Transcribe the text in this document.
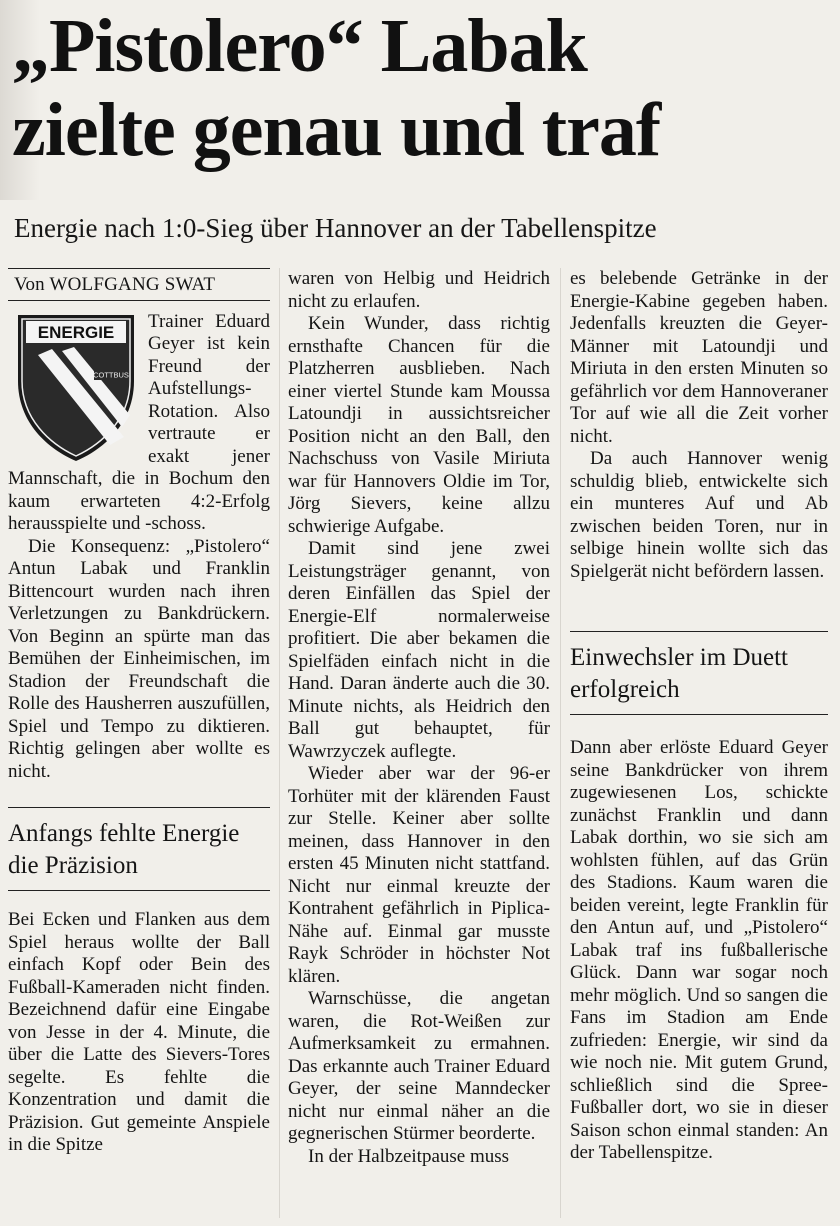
„Pistolero“ Labak
zielte genau und traf
Energie nach 1:0-Sieg über Hannover an der Tabellenspitze
Von WOLFGANG SWAT
ENERGIE
COTTBUS

Trainer Eduard Geyer ist kein Freund der Aufstellungs-Rotation. Also vertraute er exakt jener Mannschaft, die in Bochum den kaum erwarteten 4:2-Erfolg herausspielte und -schoss.

Die Konsequenz: „Pistolero“ Antun Labak und Franklin Bittencourt wurden nach ihren Verletzungen zu Bankdrückern. Von Beginn an spürte man das Bemühen der Einheimischen, im Stadion der Freundschaft die Rolle des Hausherren auszufüllen, Spiel und Tempo zu diktieren. Richtig gelingen aber wollte es nicht.

Anfangs fehlte Energie die Präzision

Bei Ecken und Flanken aus dem Spiel heraus wollte der Ball einfach Kopf oder Bein des Fußball-Kameraden nicht finden. Bezeichnend dafür eine Eingabe von Jesse in der 4. Minute, die über die Latte des Sievers-Tores segelte. Es fehlte die Konzentration und damit die Präzision. Gut gemeinte Anspiele in die Spitze

waren von Helbig und Heidrich nicht zu erlaufen.

Kein Wunder, dass richtig ernsthafte Chancen für die Platzherren ausblieben. Nach einer viertel Stunde kam Moussa Latoundji in aussichtsreicher Position nicht an den Ball, den Nachschuss von Vasile Miriuta war für Hannovers Oldie im Tor, Jörg Sievers, keine allzu schwierige Aufgabe.

Damit sind jene zwei Leistungsträger genannt, von deren Einfällen das Spiel der Energie-Elf normalerweise profitiert. Die aber bekamen die Spielfäden einfach nicht in die Hand. Daran änderte auch die 30. Minute nichts, als Heidrich den Ball gut behauptet, für Wawrzyczek auflegte.

Wieder aber war der 96-er Torhüter mit der klärenden Faust zur Stelle. Keiner aber sollte meinen, dass Hannover in den ersten 45 Minuten nicht stattfand. Nicht nur einmal kreuzte der Kontrahent gefährlich in Piplica-Nähe auf. Einmal gar musste Rayk Schröder in höchster Not klären.

Warnschüsse, die angetan waren, die Rot-Weißen zur Aufmerksamkeit zu ermahnen. Das erkannte auch Trainer Eduard Geyer, der seine Manndecker nicht nur einmal näher an die gegnerischen Stürmer beorderte.

In der Halbzeitpause muss

es belebende Getränke in der Energie-Kabine gegeben haben. Jedenfalls kreuzten die Geyer-Männer mit Latoundji und Miriuta in den ersten Minuten so gefährlich vor dem Hannoveraner Tor auf wie all die Zeit vorher nicht.

Da auch Hannover wenig schuldig blieb, entwickelte sich ein munteres Auf und Ab zwischen beiden Toren, nur in selbige hinein wollte sich das Spielgerät nicht befördern lassen.

Einwechsler im Duett erfolgreich

Dann aber erlöste Eduard Geyer seine Bankdrücker von ihrem zugewiesenen Los, schickte zunächst Franklin und dann Labak dorthin, wo sie sich am wohlsten fühlen, auf das Grün des Stadions. Kaum waren die beiden vereint, legte Franklin für den Antun auf, und „Pistolero“ Labak traf ins fußballerische Glück. Dann war sogar noch mehr möglich. Und so sangen die Fans im Stadion am Ende zufrieden: Energie, wir sind da wie noch nie. Mit gutem Grund, schließlich sind die Spree-Fußballer dort, wo sie in dieser Saison schon einmal standen: An der Tabellenspitze.
